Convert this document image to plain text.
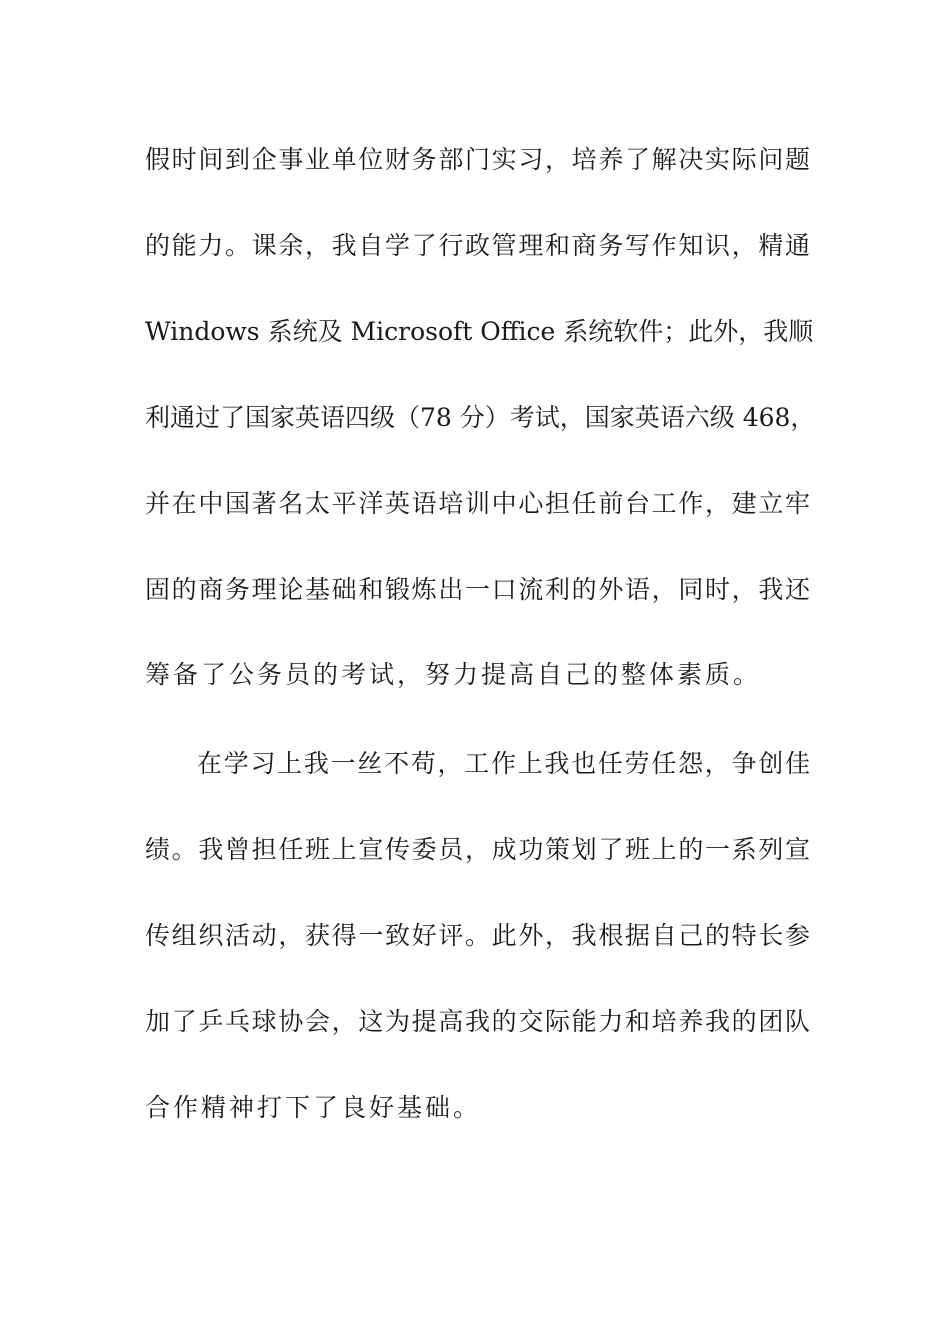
假时间到企事业单位财务部门实习，培养了解决实际问题
的能力。课余，我自学了行政管理和商务写作知识，精通
Windows 系统及 Microsoft Office 系统软件；此外，我顺
利通过了国家英语四级（78 分）考试，国家英语六级 468，
并在中国著名太平洋英语培训中心担任前台工作，建立牢
固的商务理论基础和锻炼出一口流利的外语，同时，我还
筹备了公务员的考试，努力提高自己的整体素质。
在学习上我一丝不苟，工作上我也任劳任怨，争创佳
绩。我曾担任班上宣传委员，成功策划了班上的一系列宣
传组织活动，获得一致好评。此外，我根据自己的特长参
加了乒乓球协会，这为提高我的交际能力和培养我的团队
合作精神打下了良好基础。
